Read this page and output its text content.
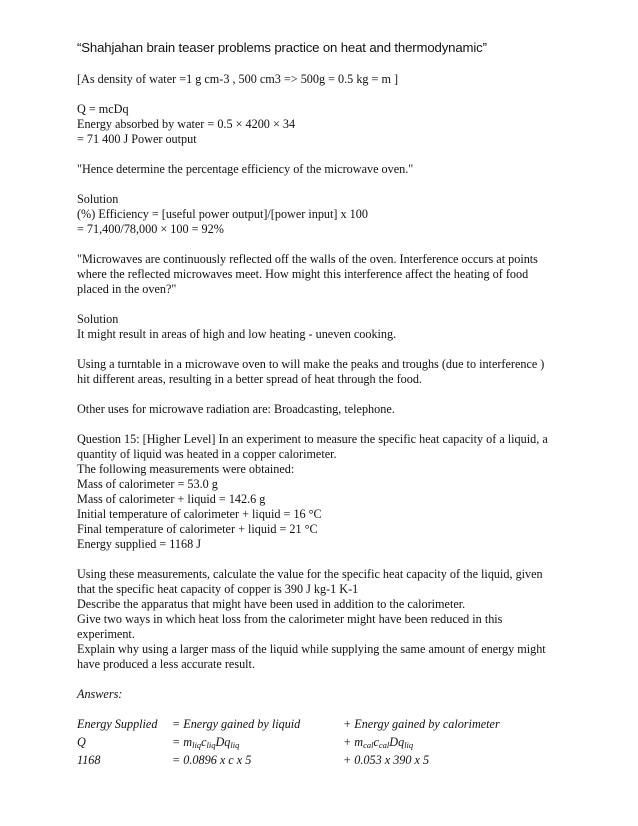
“Shahjahan brain teaser problems practice on heat and thermodynamic”

[As density of water =1 g cm-3 , 500 cm3 => 500g = 0.5 kg = m ]

Q = mcDq
Energy absorbed by water = 0.5 × 4200 × 34
= 71 400 J Power output

"Hence determine the percentage efficiency of the microwave oven."

Solution
(%) Efficiency = [useful power output]/[power input] x 100
= 71,400/78,000 × 100 = 92%

"Microwaves are continuously reflected off the walls of the oven. Interference occurs at points
where the reflected microwaves meet. How might this interference affect the heating of food
placed in the oven?"

Solution
It might result in areas of high and low heating - uneven cooking.

Using a turntable in a microwave oven to will make the peaks and troughs (due to interference )
hit different areas, resulting in a better spread of heat through the food.

Other uses for microwave radiation are: Broadcasting, telephone.

Question 15: [Higher Level] In an experiment to measure the specific heat capacity of a liquid, a
quantity of liquid was heated in a copper calorimeter.
The following measurements were obtained:
Mass of calorimeter = 53.0 g
Mass of calorimeter + liquid = 142.6 g
Initial temperature of calorimeter + liquid = 16 °C
Final temperature of calorimeter + liquid = 21 °C
Energy supplied = 1168 J

Using these measurements, calculate the value for the specific heat capacity of the liquid, given
that the specific heat capacity of copper is 390 J kg-1 K-1
Describe the apparatus that might have been used in addition to the calorimeter.
Give two ways in which heat loss from the calorimeter might have been reduced in this
experiment.
Explain why using a larger mass of the liquid while supplying the same amount of energy might
have produced a less accurate result.

Answers:
Energy Supplied	= Energy gained by liquid	+ Energy gained by calorimeter
Q	= $m_{liq}c_{liq}Dq_{liq}$	+ $m_{cal}c_{cal}Dq_{liq}$
1168	= 0.0896 x c x 5	+ 0.053 x 390 x 5
